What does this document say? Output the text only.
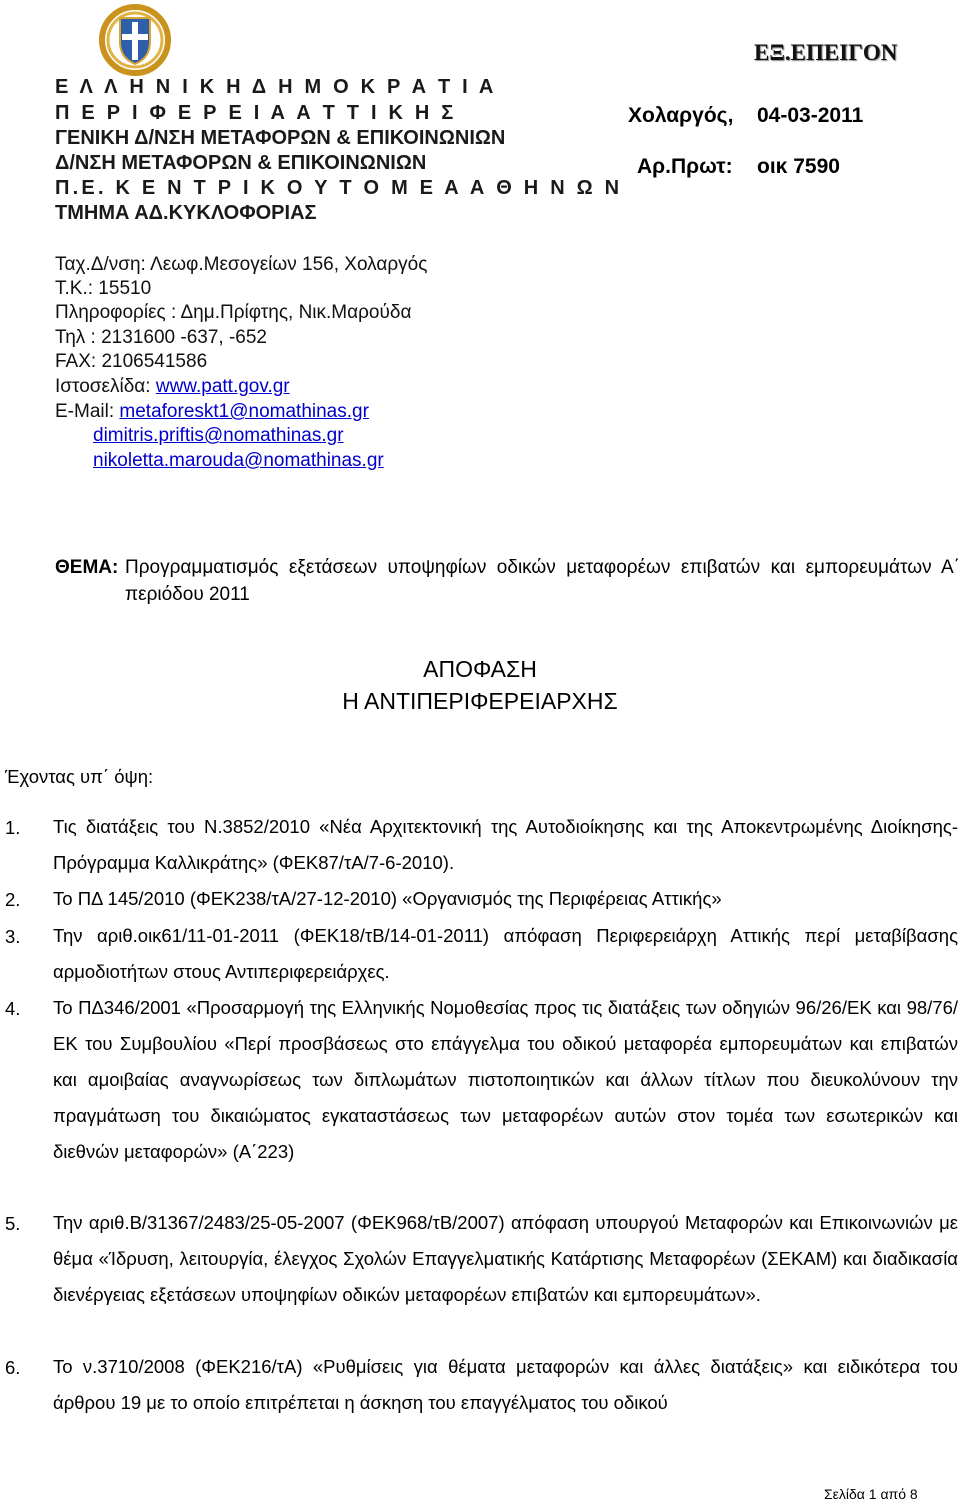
Ε Λ Λ Η Ν Ι Κ Η Δ Η Μ Ο Κ Ρ Α Τ Ι Α
Π Ε Ρ Ι Φ Ε Ρ Ε Ι Α Α Τ Τ Ι Κ Η Σ
ΓΕΝΙΚΗ Δ/ΝΣΗ ΜΕΤΑΦΟΡΩΝ & ΕΠΙΚΟΙΝΩΝΙΩΝ
Δ/ΝΣΗ ΜΕΤΑΦΟΡΩΝ & ΕΠΙΚΟΙΝΩΝΙΩΝ
Π.Ε. Κ Ε Ν Τ Ρ Ι Κ Ο Υ Τ Ο Μ Ε Α Α Θ Η Ν Ω Ν
ΤΜΗΜΑ ΑΔ.ΚΥΚΛΟΦΟΡΙΑΣ
ΕΞ.ΕΠΕΙΓΟΝ
Χολαργός, 04-03-2011
Αρ.Πρωτ: οικ 7590
Ταχ.Δ/νση: Λεωφ.Μεσογείων 156, Χολαργός
Τ.Κ.: 15510
Πληροφορίες : Δημ.Πρίφτης, Νικ.Μαρούδα
Τηλ : 2131600 -637, -652
FAX: 2106541586
Ιστοσελίδα: www.patt.gov.gr
E-Mail: metaforeskt1@nomathinas.gr
dimitris.priftis@nomathinas.gr
nikoletta.marouda@nomathinas.gr
ΘΕΜΑ: Προγραμματισμός εξετάσεων υποψηφίων οδικών μεταφορέων επιβατών και εμπορευμάτων Α΄ περιόδου 2011
ΑΠΟΦΑΣΗ
Η ΑΝΤΙΠΕΡΙΦΕΡΕΙΑΡΧΗΣ
Έχοντας υπ΄ όψη:
1. Τις διατάξεις του Ν.3852/2010 «Νέα Αρχιτεκτονική της Αυτοδιοίκησης και της Αποκεντρωμένης Διοίκησης-Πρόγραμμα Καλλικράτης» (ΦΕΚ87/τΑ/7-6-2010).
2. Το ΠΔ 145/2010 (ΦΕΚ238/τΑ/27-12-2010) «Οργανισμός της Περιφέρειας Αττικής»
3. Την αριθ.οικ61/11-01-2011 (ΦΕΚ18/τΒ/14-01-2011) απόφαση Περιφερειάρχη Αττικής περί μεταβίβασης αρμοδιοτήτων στους Αντιπεριφερειάρχες.
4. Το ΠΔ346/2001 «Προσαρμογή της Ελληνικής Νομοθεσίας προς τις διατάξεις των οδηγιών 96/26/ΕΚ και 98/76/ΕΚ του Συμβουλίου «Περί προσβάσεως στο επάγγελμα του οδικού μεταφορέα εμπορευμάτων και επιβατών και αμοιβαίας αναγνωρίσεως των διπλωμάτων πιστοποιητικών και άλλων τίτλων που διευκολύνουν την πραγμάτωση του δικαιώματος εγκαταστάσεως των μεταφορέων αυτών στον τομέα των εσωτερικών και διεθνών μεταφορών» (Α΄223)
5. Την αριθ.Β/31367/2483/25-05-2007 (ΦΕΚ968/τΒ/2007) απόφαση υπουργού Μεταφορών και Επικοινωνιών με θέμα «Ίδρυση, λειτουργία, έλεγχος Σχολών Επαγγελματικής Κατάρτισης Μεταφορέων (ΣΕΚΑΜ) και διαδικασία διενέργειας εξετάσεων υποψηφίων οδικών μεταφορέων επιβατών και εμπορευμάτων».
6. Το ν.3710/2008 (ΦΕΚ216/τΑ) «Ρυθμίσεις για θέματα μεταφορών και άλλες διατάξεις» και ειδικότερα του άρθρου 19 με το οποίο επιτρέπεται η άσκηση του επαγγέλματος του οδικού
Σελίδα 1 από 8
